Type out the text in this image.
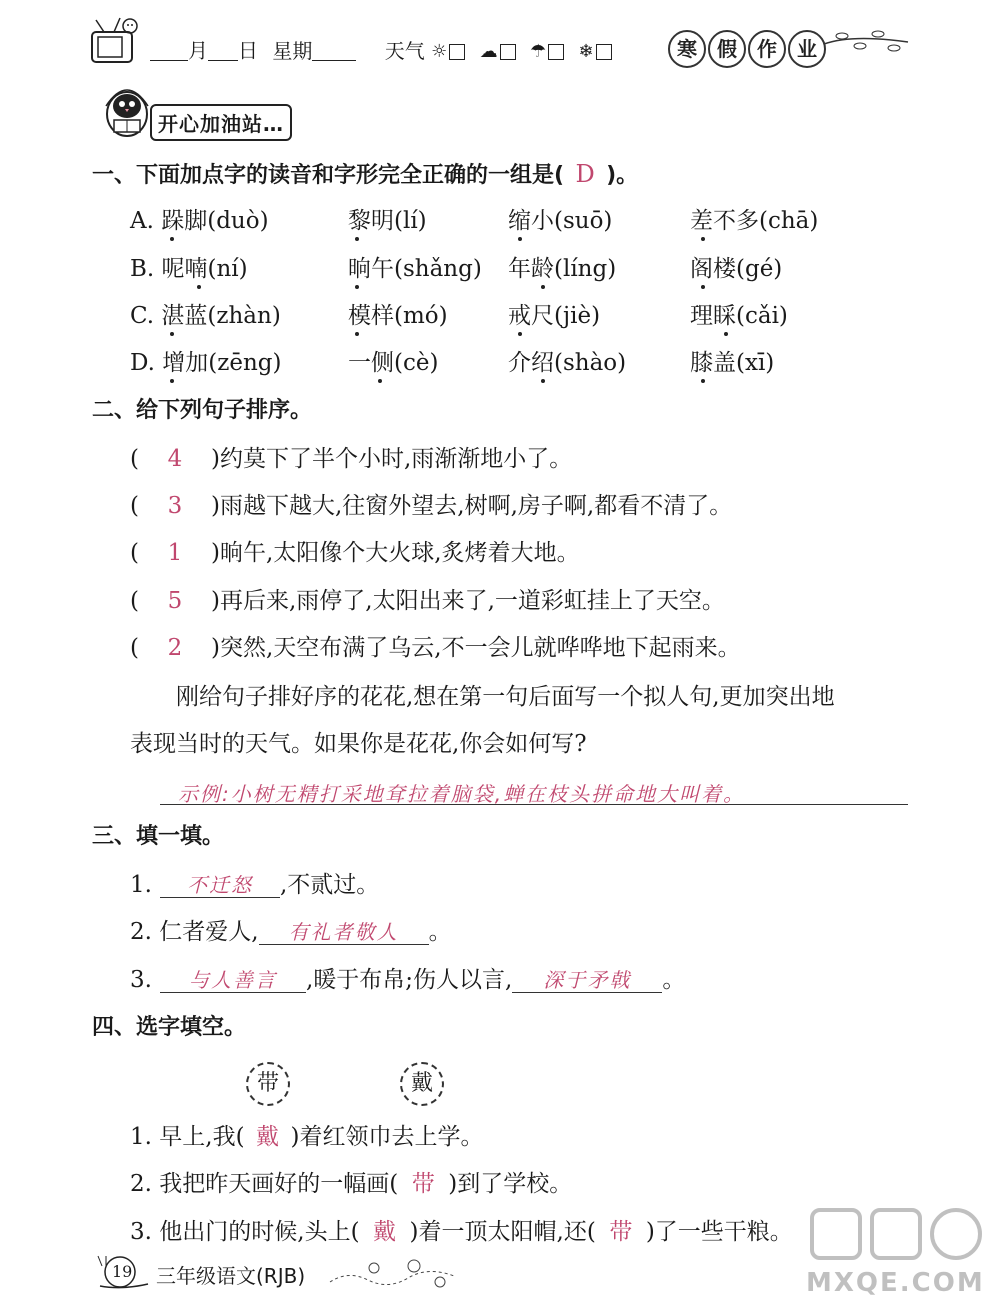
月 日 星期	天气 ☼ ☁ ☂ ❄	寒	假	作	业
开心加油站…
一、下面加点字的读音和字形完全正确的一组是( D )。
A. 跺脚(duò)	黎明(lí)	缩小(suō)	差不多(chā)
B. 呢喃(ní)	晌午(shǎng) 年龄(líng)	阁楼(gé)
C. 湛蓝(zhàn)	模样(mó)	戒尺(jiè)	理睬(cǎi)
D. 增加(zēng)	一侧(cè)	介绍(shào)	膝盖(xī)
二、给下列句子排序。
( 4 )约莫下了半个小时,雨渐渐地小了。
( 3 )雨越下越大,往窗外望去,树啊,房子啊,都看不清了。
( 1 )晌午,太阳像个大火球,炙烤着大地。
( 5 )再后来,雨停了,太阳出来了,一道彩虹挂上了天空。
( 2 )突然,天空布满了乌云,不一会儿就哗哗地下起雨来。
刚给句子排好序的花花,想在第一句后面写一个拟人句,更加突出地
表现当时的天气。如果你是花花,你会如何写?
示例:小树无精打采地耷拉着脑袋,蝉在枝头拼命地大叫着。
三、填一填。
1. 不迁怒 ,不贰过。
2. 仁者爱人, 有礼者敬人 。
3. 与人善言 ,暖于布帛;伤人以言, 深于矛戟 。
四、选字填空。
带	戴
1. 早上,我( 戴 )着红领巾去上学。
2. 我把昨天画好的一幅画( 带 )到了学校。
3. 他出门的时候,头上( 戴 )着一顶太阳帽,还( 带 )了一些干粮。
19 三年级语文(RJB)	MXQE.COM
